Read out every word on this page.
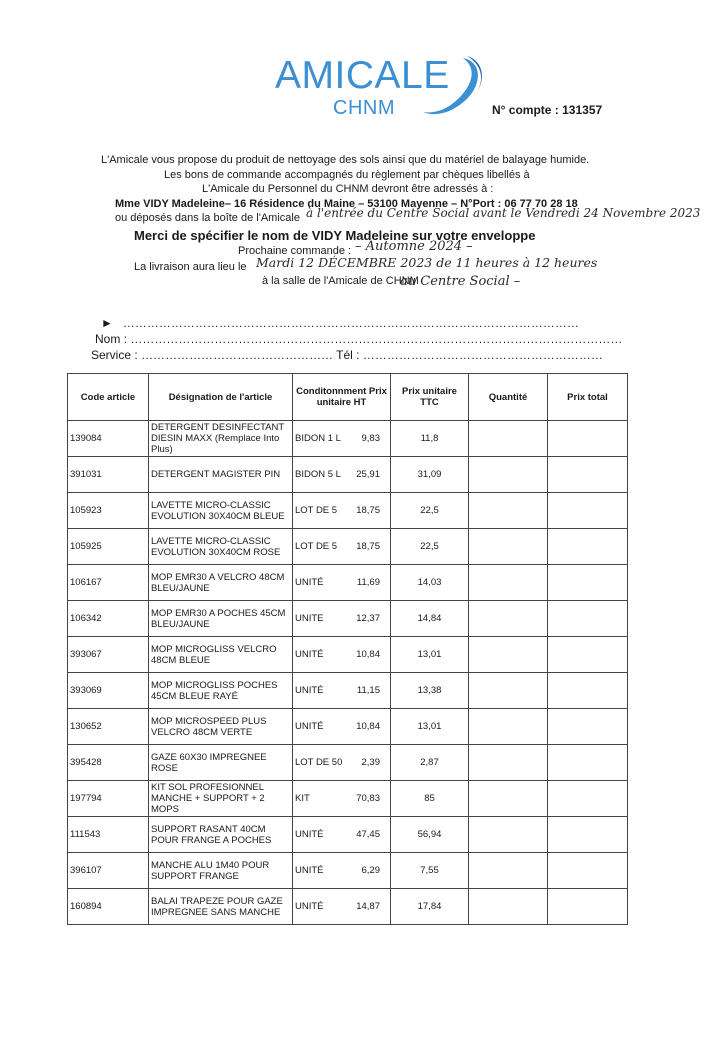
AMICALE
CHNM	N° compte : 131357
L'Amicale vous propose du produit de nettoyage des sols ainsi que du matériel de balayage humide.
Les bons de commande accompagnés du règlement par chèques libellés à
L'Amicale du Personnel du CHNM devront être adressés à :
Mme VIDY Madeleine– 16 Résidence du Maine – 53100 Mayenne – N°Port : 06 77 70 28 18
ou déposés dans la boîte de l'Amicale à l'entrée du Centre Social avant le Vendredi 24 Novembre 2023
Merci de spécifier le nom de VIDY Madeleine sur votre enveloppe
Prochaine commande : – Automne 2024 –
La livraison aura lieu le Mardi 12 DÉCEMBRE 2023 de 11 heures à 12 heures
à la salle de l'Amicale de CHNM
au Centre Social –
►   ……………………………………………………………………………………………………
Nom : ……………………………………………………………………………………………………………
Service : ………………………………………… Tél : ……………………………………………………
Code article	Désignation de l'article	Conditonnment Prix unitaire HT	Prix unitaire TTC	Quantité	Prix total
139084	DETERGENT DESINFECTANT DIESIN MAXX (Remplace Into Plus)	BIDON 1 L 9,83	11,8		
391031	DETERGENT MAGISTER PIN	BIDON 5 L 25,91	31,09		
105923	LAVETTE MICRO-CLASSIC EVOLUTION 30X40CM BLEUE	LOT DE 5 18,75	22,5		
105925	LAVETTE MICRO-CLASSIC EVOLUTION 30X40CM ROSE	LOT DE 5 18,75	22,5		
106167	MOP EMR30 A VELCRO 48CM BLEU/JAUNE	UNITÉ 11,69	14,03		
106342	MOP EMR30 A POCHES 45CM BLEU/JAUNE	UNITE 12,37	14,84		
393067	MOP MICROGLISS VELCRO 48CM BLEUE	UNITÉ 10,84	13,01		
393069	MOP MICROGLISS POCHES 45CM BLEUE RAYÉ	UNITÉ 11,15	13,38		
130652	MOP MICROSPEED PLUS VELCRO 48CM VERTE	UNITÉ 10,84	13,01		
395428	GAZE 60X30 IMPREGNEE ROSE	LOT DE 50 2,39	2,87		
197794	KIT SOL PROFESIONNEL MANCHE + SUPPORT + 2 MOPS	KIT 70,83	85		
111543	SUPPORT RASANT 40CM POUR FRANGE A POCHES	UNITÉ 47,45	56,94		
396107	MANCHE ALU 1M40 POUR SUPPORT FRANGE	UNITÉ 6,29	7,55		
160894	BALAI TRAPEZE POUR GAZE IMPREGNEE SANS MANCHE	UNITÉ 14,87	17,84		
